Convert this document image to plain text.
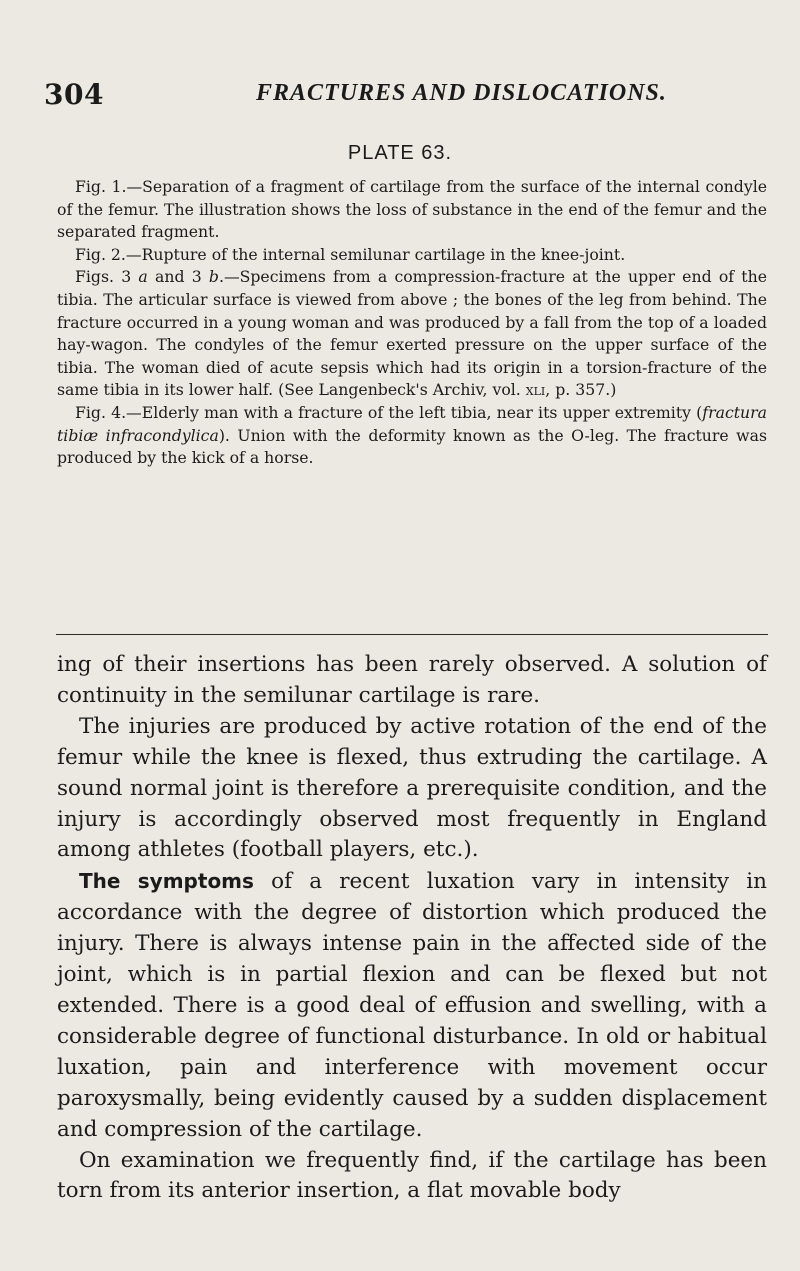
304	FRACTURES AND DISLOCATIONS.
PLATE 63.

Fig. 1.—Separation of a fragment of cartilage from the surface of the internal condyle of the femur. The illustration shows the loss of substance in the end of the femur and the separated fragment.

Fig. 2.—Rupture of the internal semilunar cartilage in the knee-joint.

Figs. 3 a and 3 b.—Specimens from a compression-fracture at the upper end of the tibia. The articular surface is viewed from above ; the bones of the leg from behind. The fracture occurred in a young woman and was produced by a fall from the top of a loaded hay-wagon. The condyles of the femur exerted pressure on the upper surface of the tibia. The woman died of acute sepsis which had its origin in a torsion-fracture of the same tibia in its lower half. (See Langenbeck's Archiv, vol. xli, p. 357.)

Fig. 4.—Elderly man with a fracture of the left tibia, near its upper extremity (fractura tibiæ infracondylica). Union with the deformity known as the O-leg. The fracture was produced by the kick of a horse.

ing of their insertions has been rarely observed. A solution of continuity in the semilunar cartilage is rare.

The injuries are produced by active rotation of the end of the femur while the knee is flexed, thus extruding the cartilage. A sound normal joint is therefore a prerequisite condition, and the injury is accordingly observed most frequently in England among athletes (football players, etc.).

The symptoms of a recent luxation vary in intensity in accordance with the degree of distortion which produced the injury. There is always intense pain in the affected side of the joint, which is in partial flexion and can be flexed but not extended. There is a good deal of effusion and swelling, with a considerable degree of functional disturbance. In old or habitual luxation, pain and interference with movement occur paroxysmally, being evidently caused by a sudden displacement and compression of the cartilage.

On examination we frequently find, if the cartilage has been torn from its anterior insertion, a flat movable body
